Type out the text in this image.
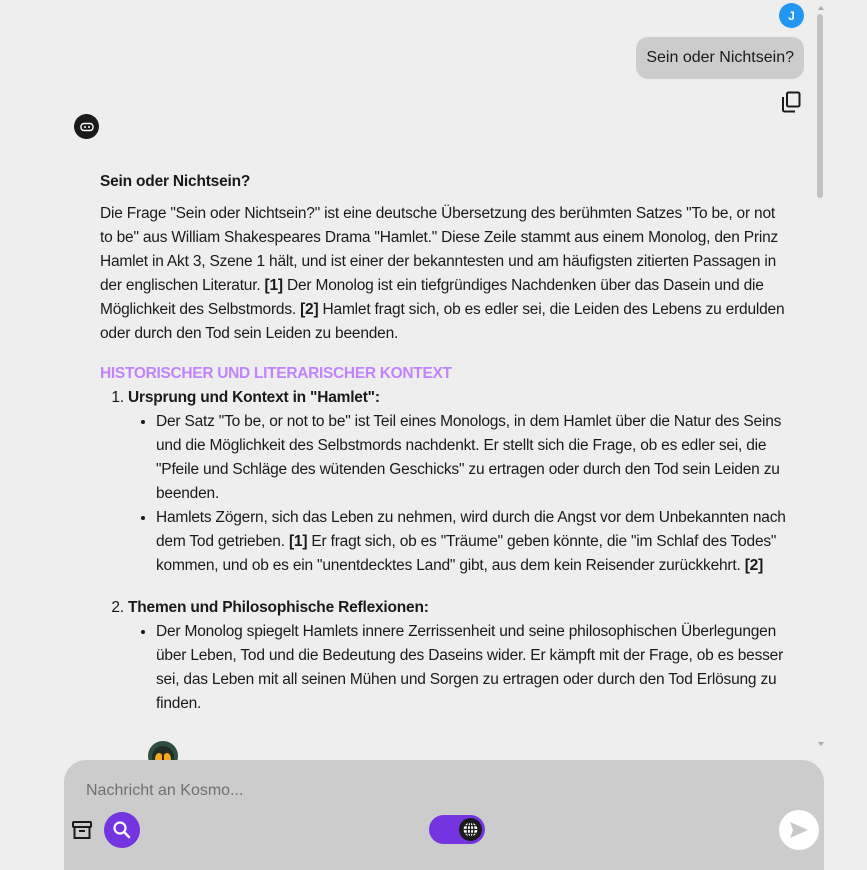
J
Sein oder Nichtsein?
Sein oder Nichtsein?

Die Frage "Sein oder Nichtsein?" ist eine deutsche Übersetzung des berühmten Satzes "To be, or not to be" aus William Shakespeares Drama "Hamlet." Diese Zeile stammt aus einem Monolog, den Prinz Hamlet in Akt 3, Szene 1 hält, und ist einer der bekanntesten und am häufigsten zitierten Passagen in der englischen Literatur. [1] Der Monolog ist ein tiefgründiges Nachdenken über das Dasein und die Möglichkeit des Selbstmords. [2] Hamlet fragt sich, ob es edler sei, die Leiden des Lebens zu erdulden oder durch den Tod sein Leiden zu beenden.

HISTORISCHER UND LITERARISCHER KONTEXT
1. Ursprung und Kontext in "Hamlet":
• Der Satz "To be, or not to be" ist Teil eines Monologs, in dem Hamlet über die Natur des Seins und die Möglichkeit des Selbstmords nachdenkt. Er stellt sich die Frage, ob es edler sei, die "Pfeile und Schläge des wütenden Geschicks" zu ertragen oder durch den Tod sein Leiden zu beenden.
• Hamlets Zögern, sich das Leben zu nehmen, wird durch die Angst vor dem Unbekannten nach dem Tod getrieben. [1] Er fragt sich, ob es "Träume" geben könnte, die "im Schlaf des Todes" kommen, und ob es ein "unentdecktes Land" gibt, aus dem kein Reisender zurückkehrt. [2]
2. Themen und Philosophische Reflexionen:
• Der Monolog spiegelt Hamlets innere Zerrissenheit und seine philosophischen Überlegungen über Leben, Tod und die Bedeutung des Daseins wider. Er kämpft mit der Frage, ob es besser sei, das Leben mit all seinen Mühen und Sorgen zu ertragen oder durch den Tod Erlösung zu finden.
Nachricht an Kosmo...
